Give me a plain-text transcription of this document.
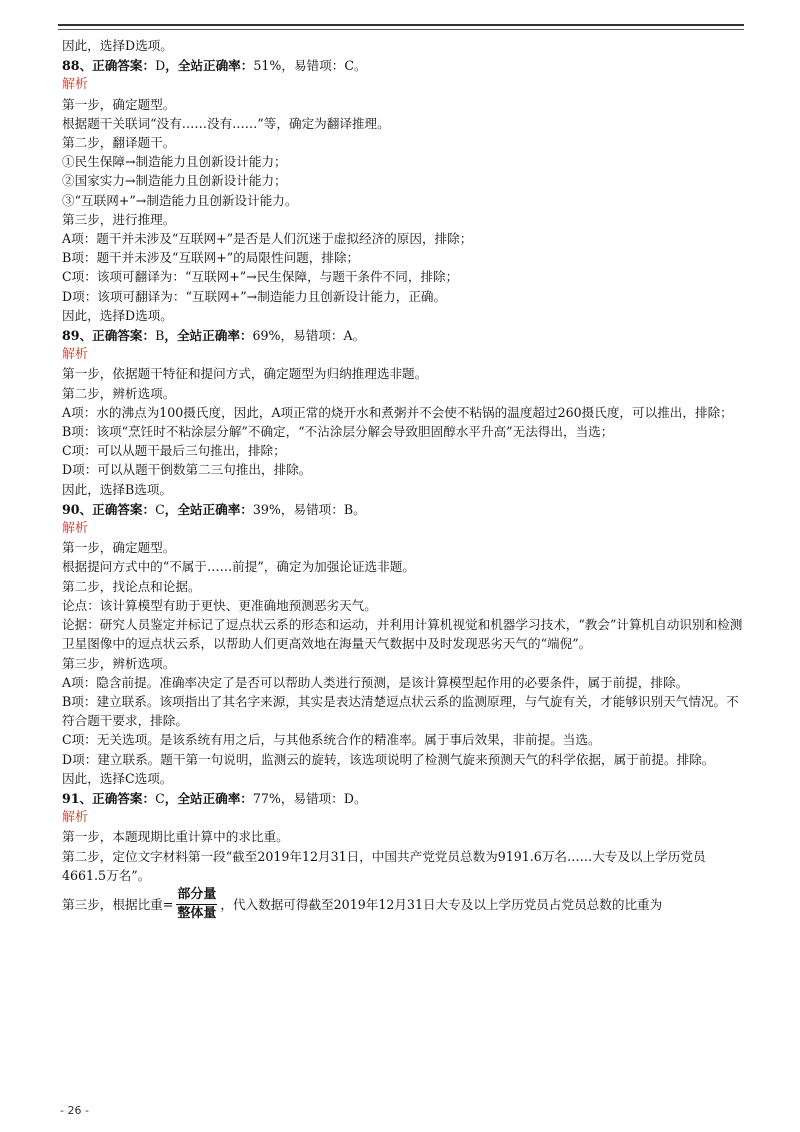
因此，选择D选项。

88、正确答案：D，全站正确率：51%，易错项：C。

解析

第一步，确定题型。

根据题干关联词“没有……没有……”等，确定为翻译推理。

第二步，翻译题干。

①民生保障→制造能力且创新设计能力；

②国家实力→制造能力且创新设计能力；

③“互联网+”→制造能力且创新设计能力。

第三步，进行推理。

A项：题干并未涉及“互联网+”是否是人们沉迷于虚拟经济的原因，排除；

B项：题干并未涉及“互联网+”的局限性问题，排除；

C项：该项可翻译为：“互联网+”→民生保障，与题干条件不同，排除；

D项：该项可翻译为：“互联网+”→制造能力且创新设计能力，正确。

因此，选择D选项。

89、正确答案：B，全站正确率：69%，易错项：A。

解析

第一步，依据题干特征和提问方式，确定题型为归纳推理选非题。

第二步，辨析选项。

A项：水的沸点为100摄氏度，因此，A项正常的烧开水和煮粥并不会使不粘锅的温度超过260摄氏度，可以推出，排除；

B项：该项“烹饪时不粘涂层分解”不确定，“不沾涂层分解会导致胆固醇水平升高”无法得出，当选；

C项：可以从题干最后三句推出，排除；

D项：可以从题干倒数第二三句推出，排除。

因此，选择B选项。

90、正确答案：C，全站正确率：39%，易错项：B。

解析

第一步，确定题型。

根据提问方式中的“不属于……前提”，确定为加强论证选非题。

第二步，找论点和论据。

论点：该计算模型有助于更快、更准确地预测恶劣天气。

论据：研究人员鉴定并标记了逗点状云系的形态和运动，并利用计算机视觉和机器学习技术，“教会”计算机自动识别和检测卫星图像中的逗点状云系，以帮助人们更高效地在海量天气数据中及时发现恶劣天气的“端倪”。

第三步，辨析选项。

A项：隐含前提。准确率决定了是否可以帮助人类进行预测，是该计算模型起作用的必要条件，属于前提，排除。

B项：建立联系。该项指出了其名字来源，其实是表达清楚逗点状云系的监测原理，与气旋有关，才能够识别天气情况。不符合题干要求，排除。

C项：无关选项。是该系统有用之后，与其他系统合作的精准率。属于事后效果，非前提。当选。

D项：建立联系。题干第一句说明，监测云的旋转，该选项说明了检测气旋来预测天气的科学依据，属于前提。排除。

因此，选择C选项。

91、正确答案：C，全站正确率：77%，易错项：D。

解析

第一步，本题现期比重计算中的求比重。

第二步，定位文字材料第一段“截至2019年12月31日，中国共产党党员总数为9191.6万名……大专及以上学历党员4661.5万名”。

第三步，根据比重= $\frac{\text{部分量}}{\text{整体量}}$ ，代入数据可得截至2019年12月31日大专及以上学历党员占党员总数的比重为
- 26 -
